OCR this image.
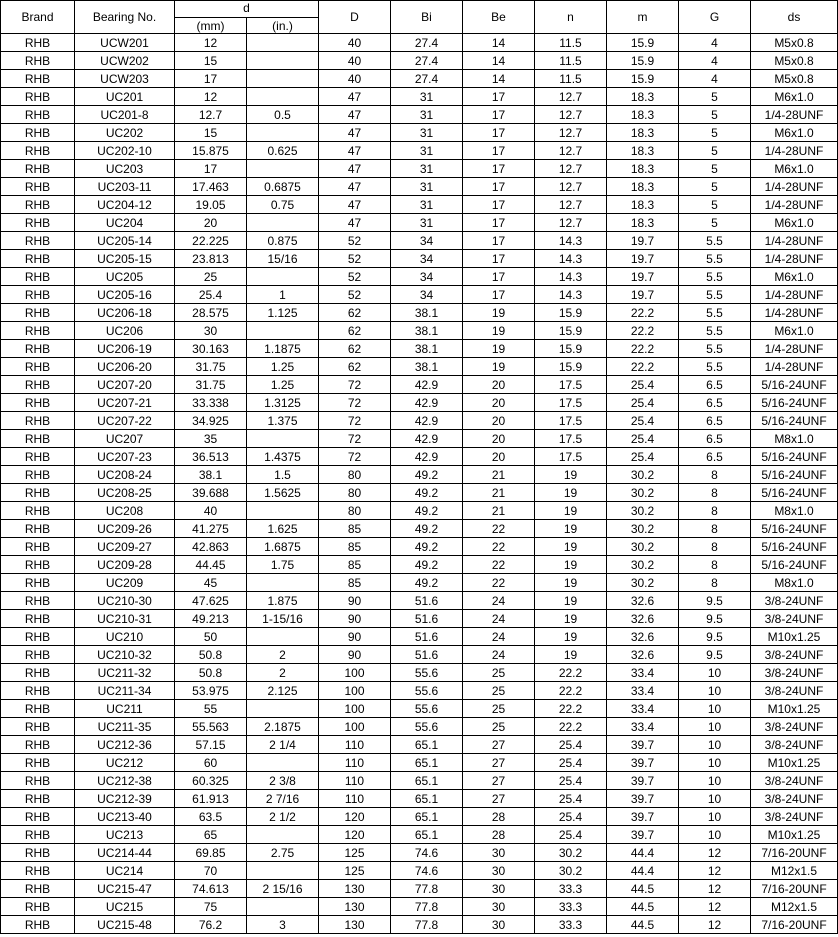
Brand	Bearing No.	d		D	Bi	Be	n	m	G	ds
		(mm)	(in.)							
RHB	UCW201	12		40	27.4	14	11.5	15.9	4	M5x0.8
RHB	UCW202	15		40	27.4	14	11.5	15.9	4	M5x0.8
RHB	UCW203	17		40	27.4	14	11.5	15.9	4	M5x0.8
RHB	UC201	12		47	31	17	12.7	18.3	5	M6x1.0
RHB	UC201-8	12.7	0.5	47	31	17	12.7	18.3	5	1/4-28UNF
RHB	UC202	15		47	31	17	12.7	18.3	5	M6x1.0
RHB	UC202-10	15.875	0.625	47	31	17	12.7	18.3	5	1/4-28UNF
RHB	UC203	17		47	31	17	12.7	18.3	5	M6x1.0
RHB	UC203-11	17.463	0.6875	47	31	17	12.7	18.3	5	1/4-28UNF
RHB	UC204-12	19.05	0.75	47	31	17	12.7	18.3	5	1/4-28UNF
RHB	UC204	20		47	31	17	12.7	18.3	5	M6x1.0
RHB	UC205-14	22.225	0.875	52	34	17	14.3	19.7	5.5	1/4-28UNF
RHB	UC205-15	23.813	15/16	52	34	17	14.3	19.7	5.5	1/4-28UNF
RHB	UC205	25		52	34	17	14.3	19.7	5.5	M6x1.0
RHB	UC205-16	25.4	1	52	34	17	14.3	19.7	5.5	1/4-28UNF
RHB	UC206-18	28.575	1.125	62	38.1	19	15.9	22.2	5.5	1/4-28UNF
RHB	UC206	30		62	38.1	19	15.9	22.2	5.5	M6x1.0
RHB	UC206-19	30.163	1.1875	62	38.1	19	15.9	22.2	5.5	1/4-28UNF
RHB	UC206-20	31.75	1.25	62	38.1	19	15.9	22.2	5.5	1/4-28UNF
RHB	UC207-20	31.75	1.25	72	42.9	20	17.5	25.4	6.5	5/16-24UNF
RHB	UC207-21	33.338	1.3125	72	42.9	20	17.5	25.4	6.5	5/16-24UNF
RHB	UC207-22	34.925	1.375	72	42.9	20	17.5	25.4	6.5	5/16-24UNF
RHB	UC207	35		72	42.9	20	17.5	25.4	6.5	M8x1.0
RHB	UC207-23	36.513	1.4375	72	42.9	20	17.5	25.4	6.5	5/16-24UNF
RHB	UC208-24	38.1	1.5	80	49.2	21	19	30.2	8	5/16-24UNF
RHB	UC208-25	39.688	1.5625	80	49.2	21	19	30.2	8	5/16-24UNF
RHB	UC208	40		80	49.2	21	19	30.2	8	M8x1.0
RHB	UC209-26	41.275	1.625	85	49.2	22	19	30.2	8	5/16-24UNF
RHB	UC209-27	42.863	1.6875	85	49.2	22	19	30.2	8	5/16-24UNF
RHB	UC209-28	44.45	1.75	85	49.2	22	19	30.2	8	5/16-24UNF
RHB	UC209	45		85	49.2	22	19	30.2	8	M8x1.0
RHB	UC210-30	47.625	1.875	90	51.6	24	19	32.6	9.5	3/8-24UNF
RHB	UC210-31	49.213	1-15/16	90	51.6	24	19	32.6	9.5	3/8-24UNF
RHB	UC210	50		90	51.6	24	19	32.6	9.5	M10x1.25
RHB	UC210-32	50.8	2	90	51.6	24	19	32.6	9.5	3/8-24UNF
RHB	UC211-32	50.8	2	100	55.6	25	22.2	33.4	10	3/8-24UNF
RHB	UC211-34	53.975	2.125	100	55.6	25	22.2	33.4	10	3/8-24UNF
RHB	UC211	55		100	55.6	25	22.2	33.4	10	M10x1.25
RHB	UC211-35	55.563	2.1875	100	55.6	25	22.2	33.4	10	3/8-24UNF
RHB	UC212-36	57.15	2 1/4	110	65.1	27	25.4	39.7	10	3/8-24UNF
RHB	UC212	60		110	65.1	27	25.4	39.7	10	M10x1.25
RHB	UC212-38	60.325	2 3/8	110	65.1	27	25.4	39.7	10	3/8-24UNF
RHB	UC212-39	61.913	2 7/16	110	65.1	27	25.4	39.7	10	3/8-24UNF
RHB	UC213-40	63.5	2 1/2	120	65.1	28	25.4	39.7	10	3/8-24UNF
RHB	UC213	65		120	65.1	28	25.4	39.7	10	M10x1.25
RHB	UC214-44	69.85	2.75	125	74.6	30	30.2	44.4	12	7/16-20UNF
RHB	UC214	70		125	74.6	30	30.2	44.4	12	M12x1.5
RHB	UC215-47	74.613	2 15/16	130	77.8	30	33.3	44.5	12	7/16-20UNF
RHB	UC215	75		130	77.8	30	33.3	44.5	12	M12x1.5
RHB	UC215-48	76.2	3	130	77.8	30	33.3	44.5	12	7/16-20UNF
